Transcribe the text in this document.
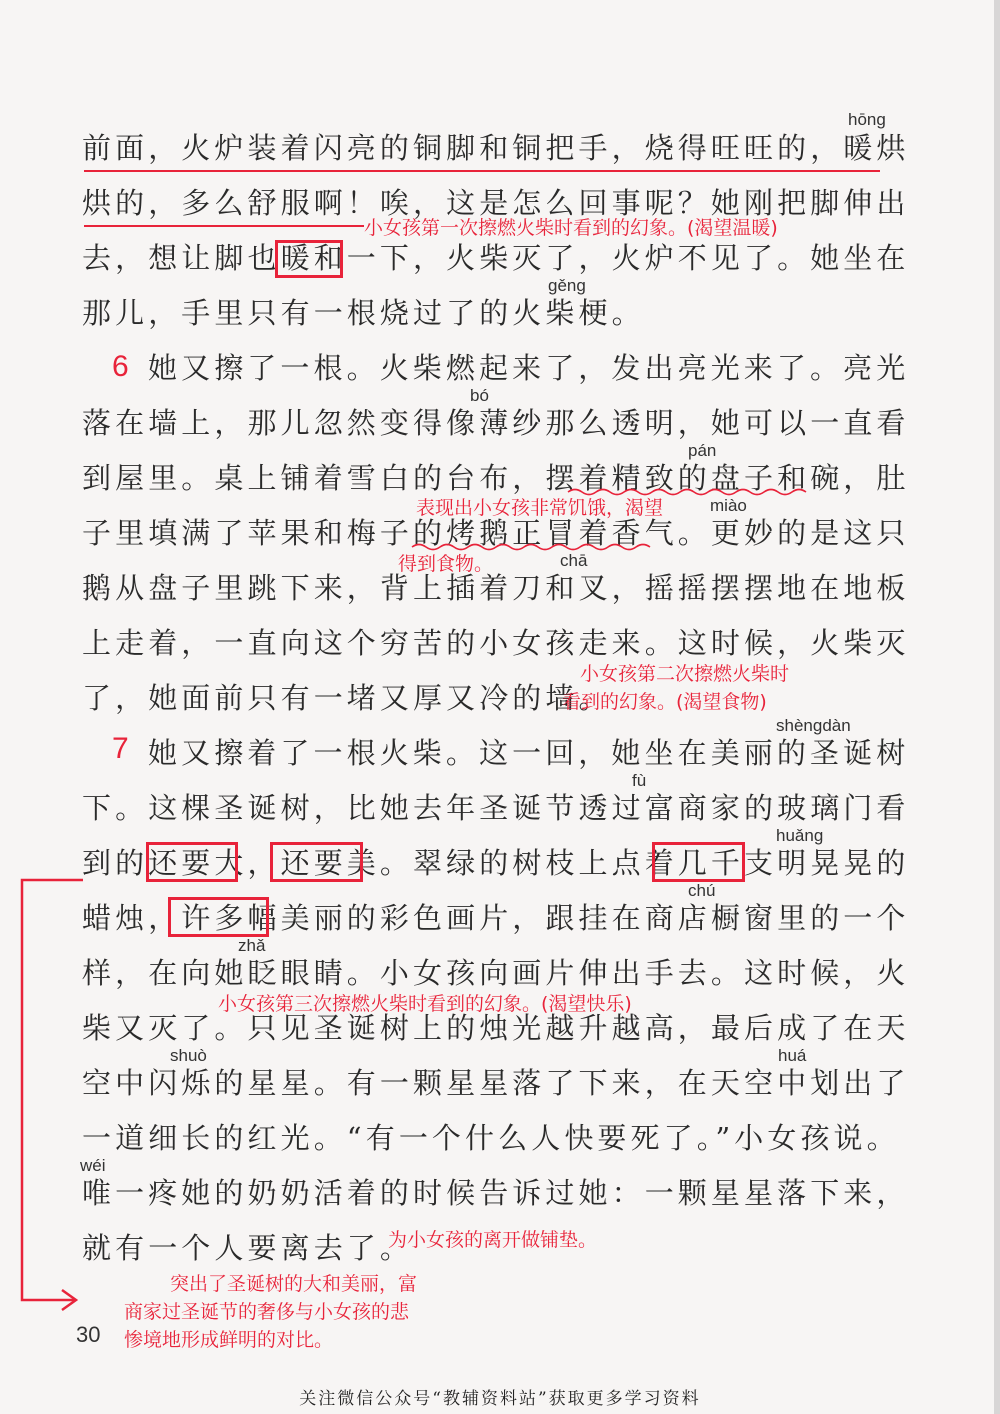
前面，火炉装着闪亮的铜脚和铜把手，烧得旺旺的，暖烘
烘的，多么舒服啊！唉，这是怎么回事呢？她刚把脚伸出
去，想让脚也暖和一下，火柴灭了，火炉不见了。她坐在
那儿，手里只有一根烧过了的火柴梗。
她又擦了一根。火柴燃起来了，发出亮光来了。亮光
落在墙上，那儿忽然变得像薄纱那么透明，她可以一直看
到屋里。桌上铺着雪白的台布，摆着精致的盘子和碗，肚
子里填满了苹果和梅子的烤鹅正冒着香气。更妙的是这只
鹅从盘子里跳下来，背上插着刀和叉，摇摇摆摆地在地板
上走着，一直向这个穷苦的小女孩走来。这时候，火柴灭
了，她面前只有一堵又厚又冷的墙。
她又擦着了一根火柴。这一回，她坐在美丽的圣诞树
下。这棵圣诞树，比她去年圣诞节透过富商家的玻璃门看
到的还要大，还要美。翠绿的树枝上点着几千支明晃晃的
蜡烛，许多幅美丽的彩色画片，跟挂在商店橱窗里的一个
样，在向她眨眼睛。小女孩向画片伸出手去。这时候，火
柴又灭了。只见圣诞树上的烛光越升越高，最后成了在天
空中闪烁的星星。有一颗星星落了下来，在天空中划出了
一道细长的红光。“有一个什么人快要死了。”小女孩说。
唯一疼她的奶奶活着的时候告诉过她：一颗星星落下来，
就有一个人要离去了。
6
7
hōng
gěng
bó
pán
miào
chā
shèngdàn
fù
huǎng
chú
zhǎ
shuò	huá
wéi
小女孩第一次擦燃火柴时看到的幻象。(渴望温暖)
表现出小女孩非常饥饿，渴望
得到食物。
小女孩第二次擦燃火柴时
看到的幻象。(渴望食物)
小女孩第三次擦燃火柴时看到的幻象。(渴望快乐)
为小女孩的离开做铺垫。
突出了圣诞树的大和美丽，富
商家过圣诞节的奢侈与小女孩的悲
惨境地形成鲜明的对比。
30
关注微信公众号“教辅资料站”获取更多学习资料
